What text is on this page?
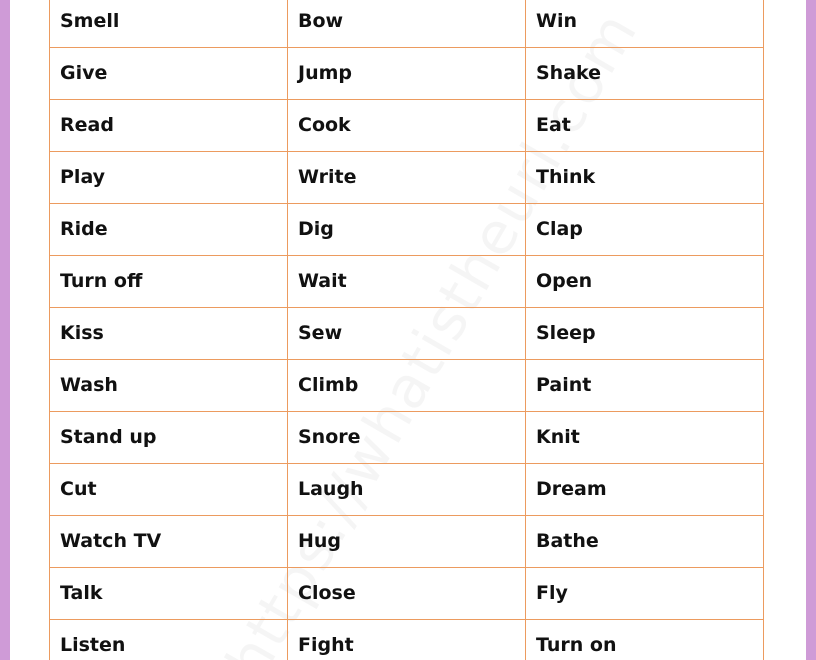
Smell	Bow	Win
Give	Jump	Shake
Read	Cook	Eat
Play	Write	Think
Ride	Dig	Clap
Turn off	Wait	Open
Kiss	Sew	Sleep
Wash	Climb	Paint
Stand up	Snore	Knit
Cut	Laugh	Dream
Watch TV	Hug	Bathe
Talk	Close	Fly
Listen	Fight	Turn on
